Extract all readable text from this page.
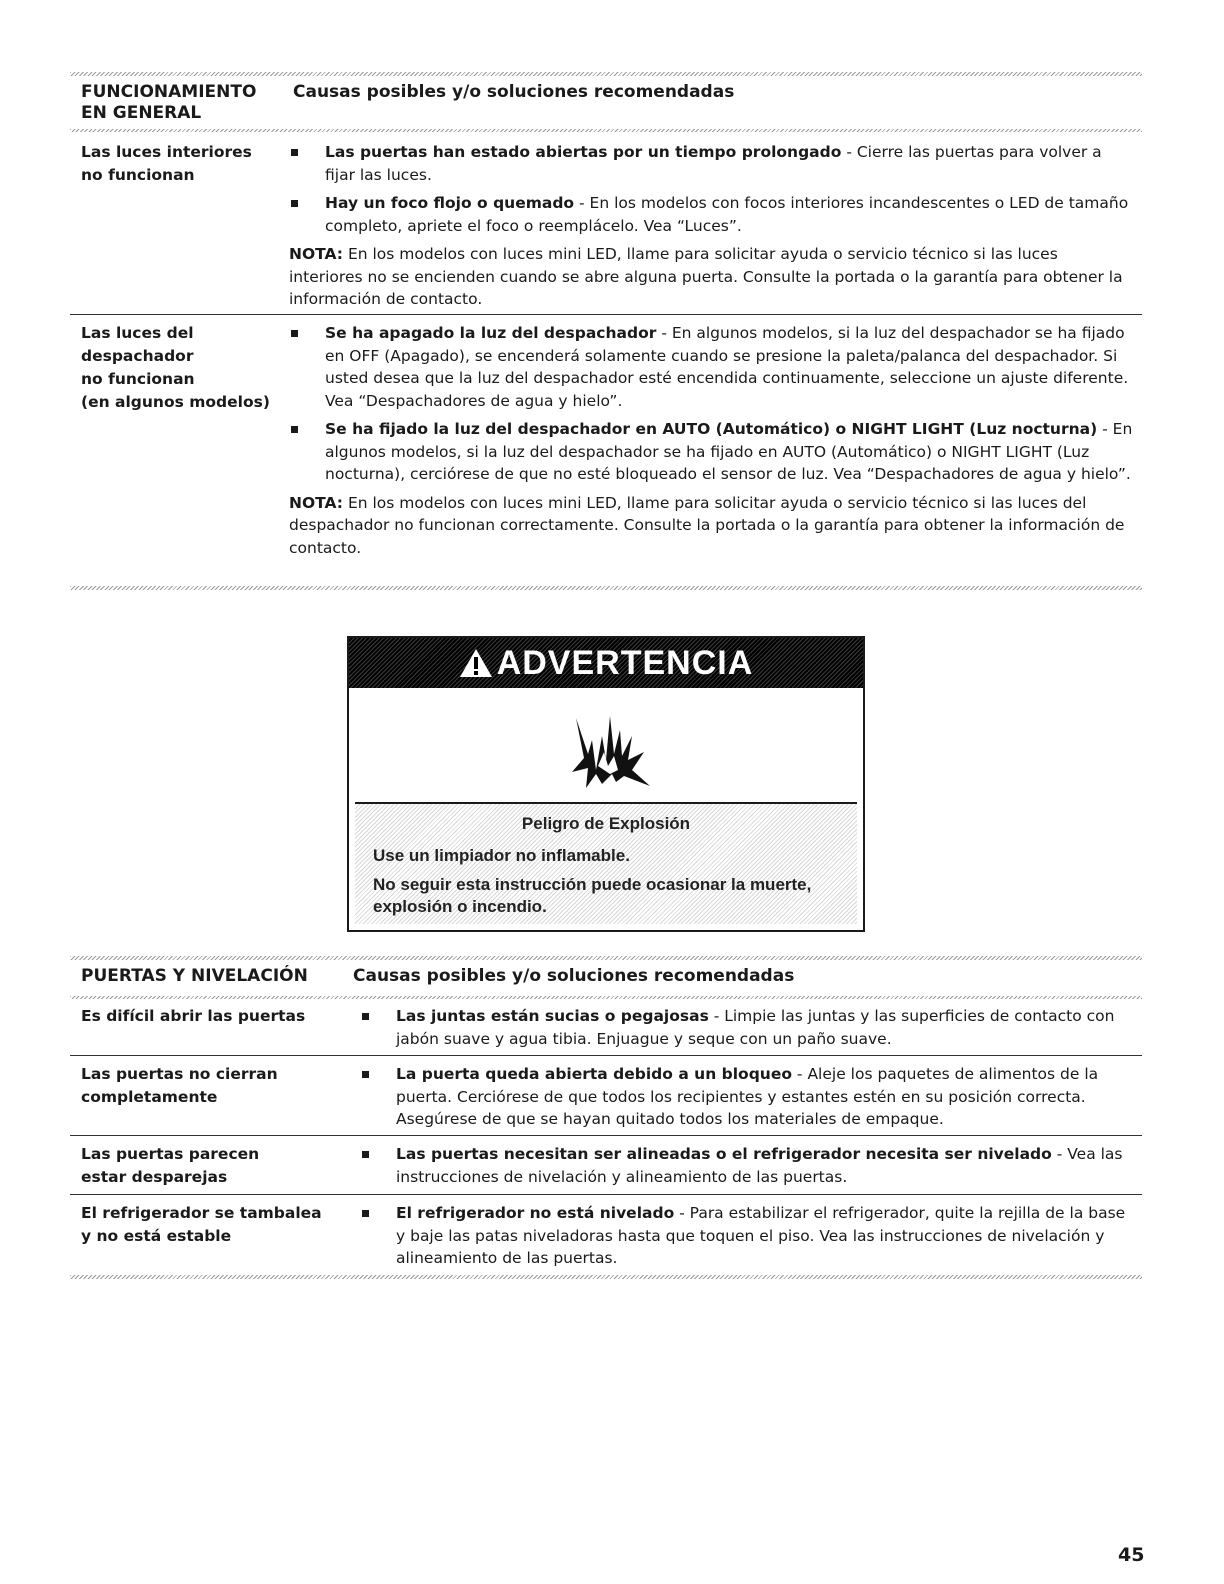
FUNCIONAMIENTO
EN GENERAL
Causas posibles y/o soluciones recomendadas
Las luces interiores
no funcionan
Las puertas han estado abiertas por un tiempo prolongado - Cierre las puertas para volver a fijar las luces.
Hay un foco flojo o quemado - En los modelos con focos interiores incandescentes o LED de tamaño completo, apriete el foco o reemplácelo. Vea “Luces”.
NOTA: En los modelos con luces mini LED, llame para solicitar ayuda o servicio técnico si las luces interiores no se encienden cuando se abre alguna puerta. Consulte la portada o la garantía para obtener la información de contacto.
Las luces del
despachador
no funcionan
(en algunos modelos)
Se ha apagado la luz del despachador - En algunos modelos, si la luz del despachador se ha fijado en OFF (Apagado), se encenderá solamente cuando se presione la paleta/palanca del despachador. Si usted desea que la luz del despachador esté encendida continuamente, seleccione un ajuste diferente. Vea “Despachadores de agua y hielo”.
Se ha fijado la luz del despachador en AUTO (Automático) o NIGHT LIGHT (Luz nocturna) - En algunos modelos, si la luz del despachador se ha fijado en AUTO (Automático) o NIGHT LIGHT (Luz nocturna), cerciórese de que no esté bloqueado el sensor de luz. Vea “Despachadores de agua y hielo”.
NOTA: En los modelos con luces mini LED, llame para solicitar ayuda o servicio técnico si las luces del despachador no funcionan correctamente. Consulte la portada o la garantía para obtener la información de contacto.
ADVERTENCIA
Peligro de Explosión
Use un limpiador no inflamable.
No seguir esta instrucción puede ocasionar la muerte, explosión o incendio.
PUERTAS Y NIVELACIÓN	Causas posibles y/o soluciones recomendadas
Es difícil abrir las puertas	Las juntas están sucias o pegajosas - Limpie las juntas y las superficies de contacto con jabón suave y agua tibia. Enjuague y seque con un paño suave.
Las puertas no cierran
completamente
La puerta queda abierta debido a un bloqueo - Aleje los paquetes de alimentos de la puerta. Cerciórese de que todos los recipientes y estantes estén en su posición correcta. Asegúrese de que se hayan quitado todos los materiales de empaque.
Las puertas parecen
estar desparejas
Las puertas necesitan ser alineadas o el refrigerador necesita ser nivelado - Vea las instrucciones de nivelación y alineamiento de las puertas.
El refrigerador se tambalea
y no está estable
El refrigerador no está nivelado - Para estabilizar el refrigerador, quite la rejilla de la base y baje las patas niveladoras hasta que toquen el piso. Vea las instrucciones de nivelación y alineamiento de las puertas.
45
